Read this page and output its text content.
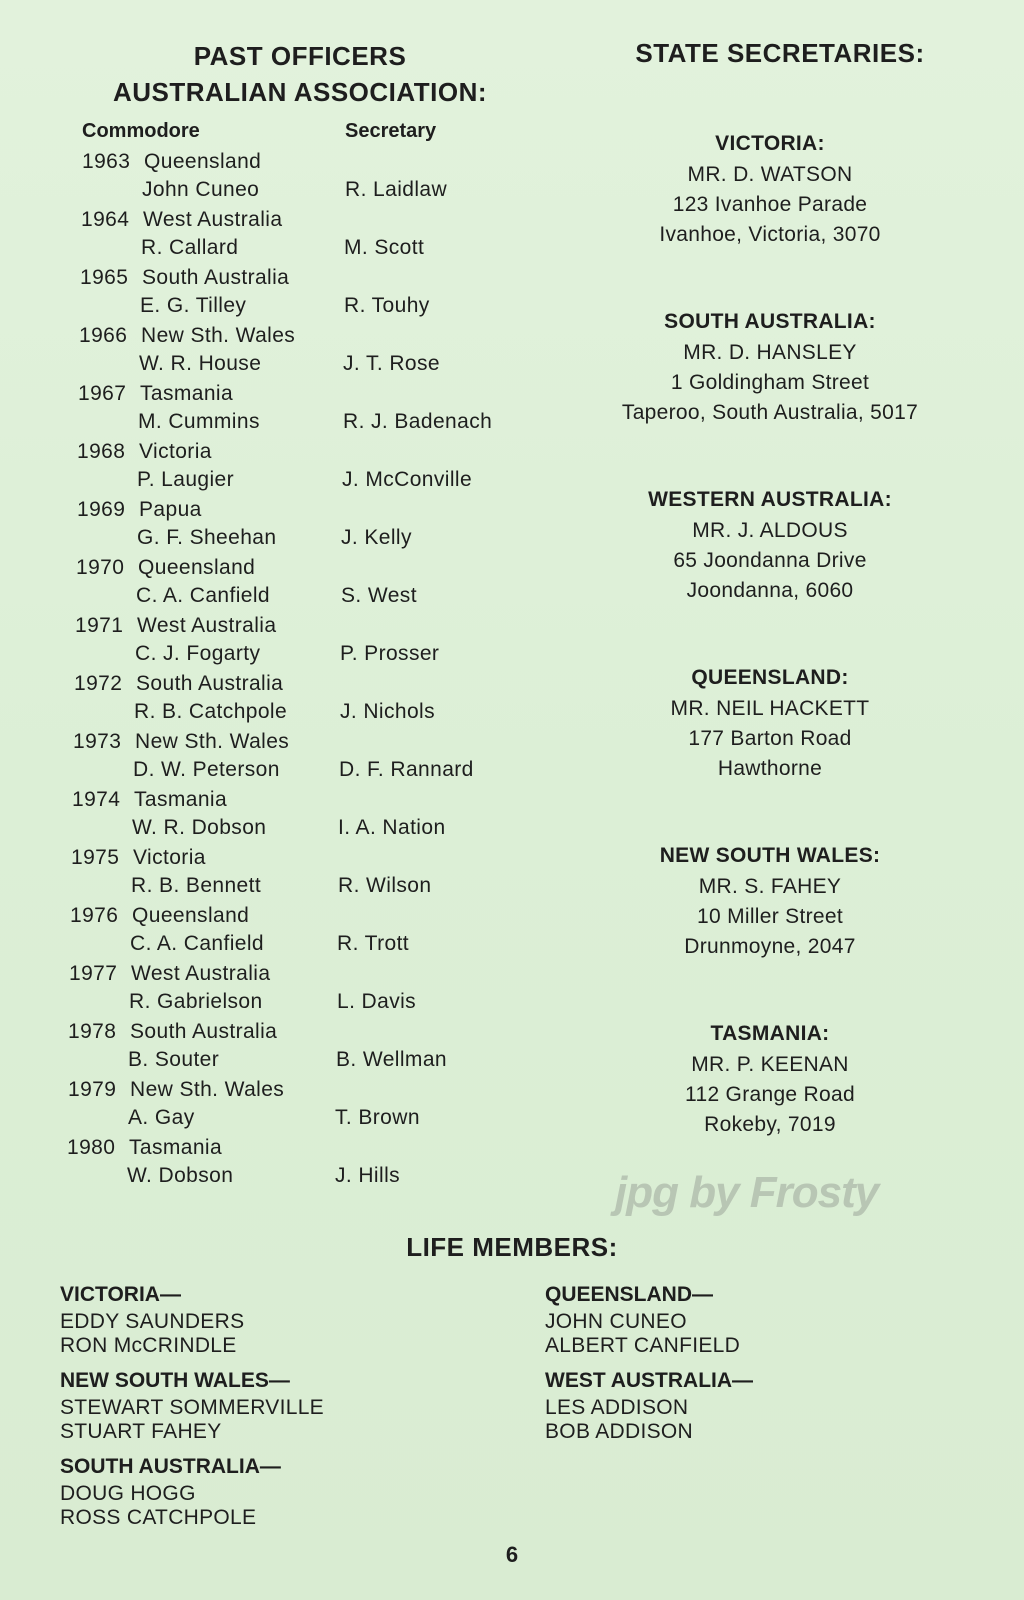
PAST OFFICERS
AUSTRALIAN ASSOCIATION:
Commodore	Secretary
1963 Queensland
John Cuneo	R. Laidlaw
1964 West Australia
R. Callard	M. Scott
1965 South Australia
E. G. Tilley	R. Touhy
1966 New Sth. Wales
W. R. House	J. T. Rose
1967 Tasmania
M. Cummins	R. J. Badenach
1968 Victoria
P. Laugier	J. McConville
1969 Papua
G. F. Sheehan	J. Kelly
1970 Queensland
C. A. Canfield	S. West
1971 West Australia
C. J. Fogarty	P. Prosser
1972 South Australia
R. B. Catchpole	J. Nichols
1973 New Sth. Wales
D. W. Peterson	D. F. Rannard
1974 Tasmania
W. R. Dobson	I. A. Nation
1975 Victoria
R. B. Bennett	R. Wilson
1976 Queensland
C. A. Canfield	R. Trott
1977 West Australia
R. Gabrielson	L. Davis
1978 South Australia
B. Souter	B. Wellman
1979 New Sth. Wales
A. Gay	T. Brown
1980 Tasmania
W. Dobson	J. Hills
STATE SECRETARIES:
VICTORIA:
MR. D. WATSON
123 Ivanhoe Parade
Ivanhoe, Victoria, 3070
SOUTH AUSTRALIA:
MR. D. HANSLEY
1 Goldingham Street
Taperoo, South Australia, 5017
WESTERN AUSTRALIA:
MR. J. ALDOUS
65 Joondanna Drive
Joondanna, 6060
QUEENSLAND:
MR. NEIL HACKETT
177 Barton Road
Hawthorne
NEW SOUTH WALES:
MR. S. FAHEY
10 Miller Street
Drunmoyne, 2047
TASMANIA:
MR. P. KEENAN
112 Grange Road
Rokeby, 7019
jpg by Frosty
LIFE MEMBERS:
VICTORIA—
EDDY SAUNDERS
RON McCRINDLE
NEW SOUTH WALES—
STEWART SOMMERVILLE
STUART FAHEY
SOUTH AUSTRALIA—
DOUG HOGG
ROSS CATCHPOLE
QUEENSLAND—
JOHN CUNEO
ALBERT CANFIELD
WEST AUSTRALIA—
LES ADDISON
BOB ADDISON
6
